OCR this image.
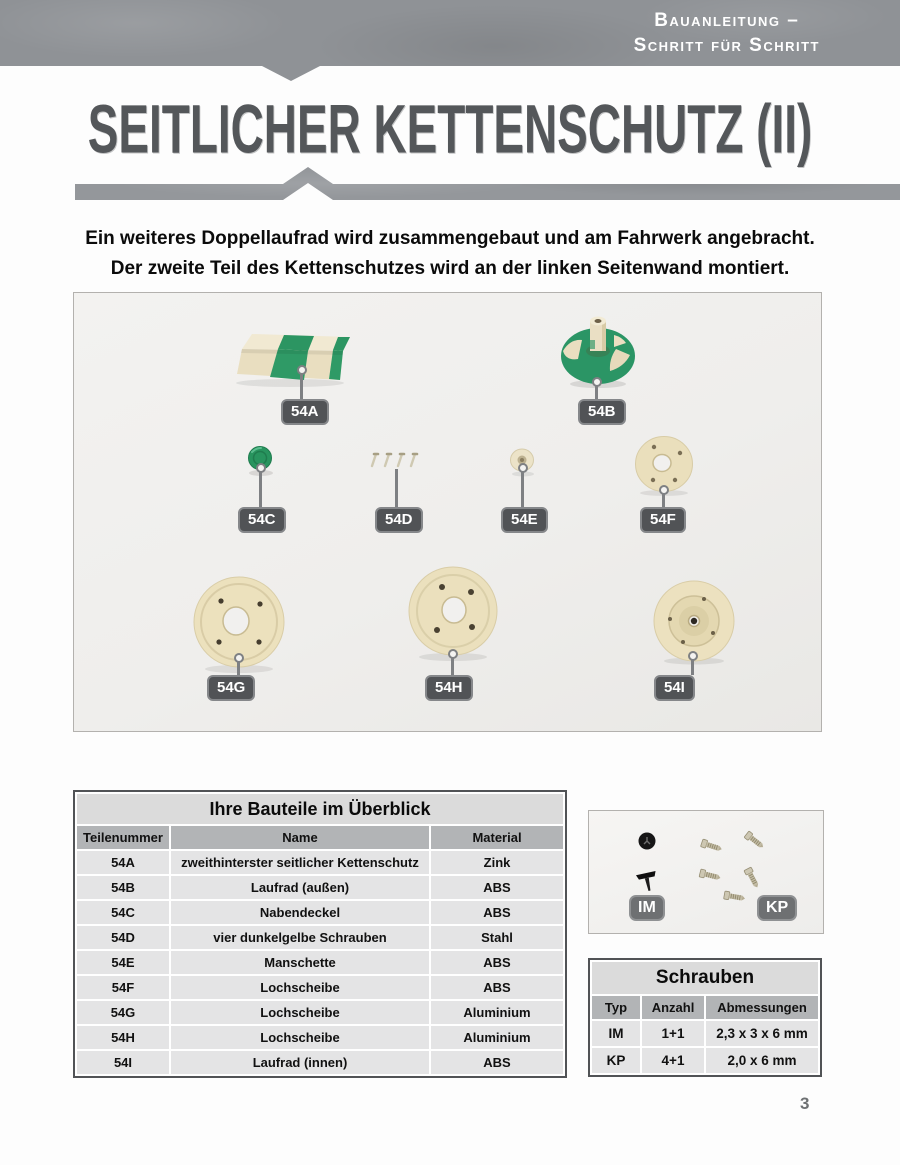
Bauanleitung –
Schritt für Schritt
SEITLICHER KETTENSCHUTZ (II)
Ein weiteres Doppellaufrad wird zusammengebaut und am Fahrwerk angebracht.
Der zweite Teil des Kettenschutzes wird an der linken Seitenwand montiert.
54A	54B
54C	54D	54E	54F
54G	54H	54I
Ihre Bauteile im Überblick		
Teilenummer	Name	Material
54A	zweithinterster seitlicher Kettenschutz	Zink
54B	Laufrad (außen)	ABS
54C	Nabendeckel	ABS
54D	vier dunkelgelbe Schrauben	Stahl
54E	Manschette	ABS
54F	Lochscheibe	ABS
54G	Lochscheibe	Aluminium
54H	Lochscheibe	Aluminium
54I	Laufrad (innen)	ABS
IM	KP
Schrauben		
Typ	Anzahl	Abmessungen
IM	1+1	2,3 x 3 x 6 mm
KP	4+1	2,0 x 6 mm
3
